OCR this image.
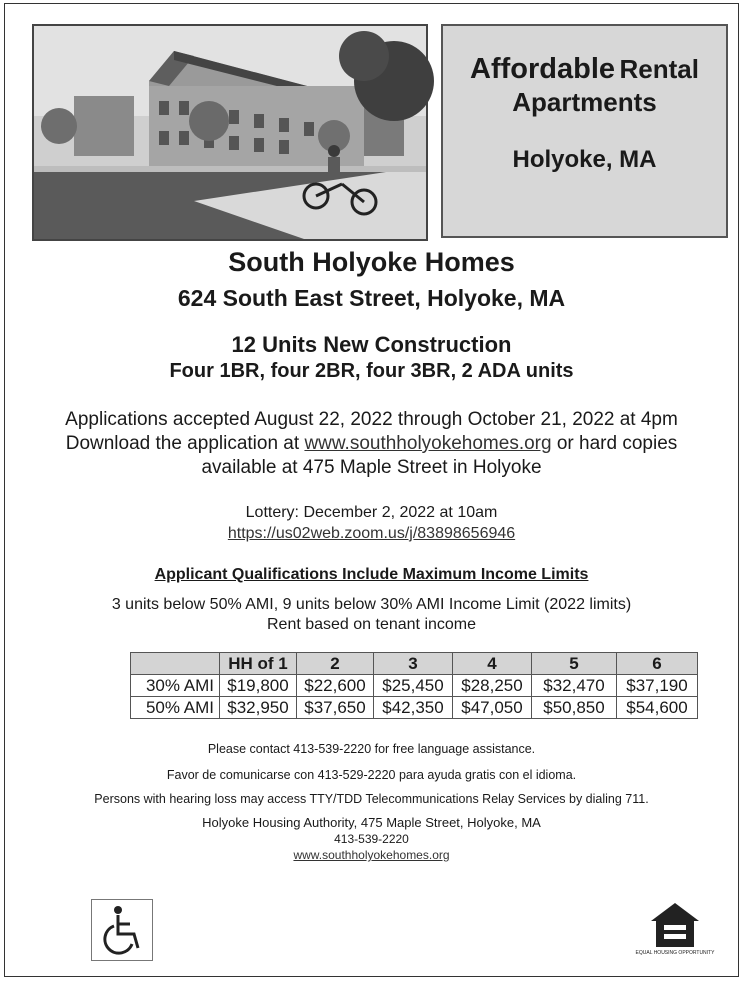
Affordable Rental
Apartments
Holyoke, MA
South Holyoke Homes
624 South East Street, Holyoke, MA
12 Units New Construction
Four 1BR, four 2BR, four 3BR, 2 ADA units
Applications accepted August 22, 2022 through October 21, 2022 at 4pm
Download the application at www.southholyokehomes.org or hard copies
available at 475 Maple Street in Holyoke
Lottery: December 2, 2022 at 10am
https://us02web.zoom.us/j/83898656946
Applicant Qualifications Include Maximum Income Limits
3 units below 50% AMI, 9 units below 30% AMI Income Limit (2022 limits)
Rent based on tenant income
	HH of 1	2	3	4	5	6
30% AMI	$19,800	$22,600	$25,450	$28,250	$32,470	$37,190
50% AMI	$32,950	$37,650	$42,350	$47,050	$50,850	$54,600
Please contact 413-539-2220 for free language assistance.
Favor de comunicarse con 413-529-2220 para ayuda gratis con el idioma.
Persons with hearing loss may access TTY/TDD Telecommunications Relay Services by dialing 711.
Holyoke Housing Authority, 475 Maple Street, Holyoke, MA
413-539-2220
www.southholyokehomes.org
EQUAL HOUSING OPPORTUNITY
